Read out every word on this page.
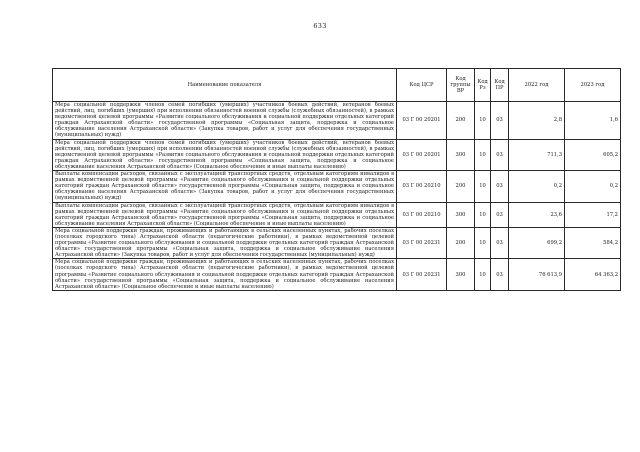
633
Наименование показателя	Код ЦСР	Код группы ВР	Код Рз	Код ПР	2022 год	2023 год
Мера социальной поддержки членов семей погибших (умерших) участников боевых действий, ветеранов боевых действий, лиц, погибших (умерших) при исполнении обязанностей военной службы (служебных обязанностей), в рамках ведомственной целевой программы «Развитие социального обслуживания и социальной поддержки отдельных категорий граждан Астраханской области» государственной программы «Социальная защита, поддержка и социальное обслуживание населения Астраханской области» (Закупка товаров, работ и услуг для обеспечения государственных (муниципальных) нужд)	03 Г 00 20201	200	10	03	2,8	1,6
Мера социальной поддержки членов семей погибших (умерших) участников боевых действий, ветеранов боевых действий, лиц, погибших (умерших) при исполнении обязанностей военной службы (служебных обязанностей), в рамках ведомственной целевой программы «Развитие социального обслуживания и социальной поддержки отдельных категорий граждан Астраханской области» государственной программы «Социальная защита, поддержка и социальное обслуживание населения Астраханской области» (Социальное обеспечение и иные выплаты населению)	03 Г 00 20201	300	10	03	711,3	605,2
Выплаты компенсации расходов, связанных с эксплуатацией транспортных средств, отдельным категориям инвалидов в рамках ведомственной целевой программы «Развитие социального обслуживания и социальной поддержки отдельных категорий граждан Астраханской области» государственной программы «Социальная защита, поддержка и социальное обслуживание населения Астраханской области» (Закупка товаров, работ и услуг для обеспечения государственных (муниципальных) нужд)	03 Г 00 20210	200	10	03	0,2	0,2
Выплаты компенсации расходов, связанных с эксплуатацией транспортных средств, отдельным категориям инвалидов в рамках ведомственной целевой программы «Развитие социального обслуживания и социальной поддержки отдельных категорий граждан Астраханской области» государственной программы «Социальная защита, поддержка и социальное обслуживание населения Астраханской области» (Социальное обеспечение и иные выплаты населению)	03 Г 00 20210	300	10	03	23,6	17,2
Мера социальной поддержки граждан, проживающих и работающих в сельских населенных пунктах, рабочих поселках (поселках городского типа) Астраханской области (педагогические работники), в рамках ведомственной целевой программы «Развитие социального обслуживания и социальной поддержки отдельных категорий граждан Астраханской области» государственной программы «Социальная защита, поддержка и социальное обслуживание населения Астраханской области» (Закупка товаров, работ и услуг для обеспечения государственных (муниципальных) нужд)	03 Г 00 20231	200	10	03	699,2	584,2
Мера социальной поддержки граждан, проживающих и работающих в сельских населенных пунктах, рабочих поселках (поселках городского типа) Астраханской области (педагогические работники), в рамках ведомственной целевой программы «Развитие социального обслуживания и социальной поддержки отдельных категорий граждан Астраханской области» государственной программы «Социальная защита, поддержка и социальное обслуживание населения Астраханской области» (Социальное обеспечение и иные выплаты населению)	03 Г 00 20231	300	10	03	76 613,9	64 363,2
